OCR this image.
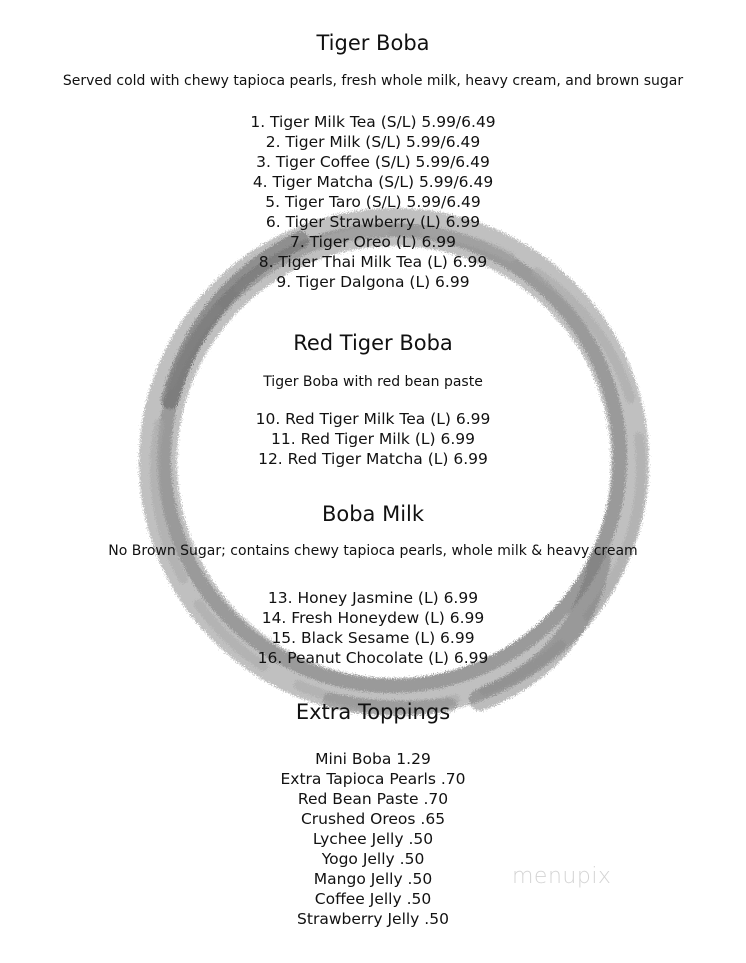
Tiger Boba

Served cold with chewy tapioca pearls, fresh whole milk, heavy cream, and brown sugar

1. Tiger Milk Tea (S/L) 5.99/6.49
2. Tiger Milk (S/L) 5.99/6.49
3. Tiger Coffee (S/L) 5.99/6.49
4. Tiger Matcha (S/L) 5.99/6.49
5. Tiger Taro (S/L) 5.99/6.49
6. Tiger Strawberry (L) 6.99
7. Tiger Oreo (L) 6.99
8. Tiger Thai Milk Tea (L) 6.99
9. Tiger Dalgona (L) 6.99
Red Tiger Boba

Tiger Boba with red bean paste

10. Red Tiger Milk Tea (L) 6.99
11. Red Tiger Milk (L) 6.99
12. Red Tiger Matcha (L) 6.99
Boba Milk

No Brown Sugar; contains chewy tapioca pearls, whole milk & heavy cream

13. Honey Jasmine (L) 6.99
14. Fresh Honeydew (L) 6.99
15. Black Sesame (L) 6.99
16. Peanut Chocolate (L) 6.99
Extra Toppings
Mini Boba 1.29
Extra Tapioca Pearls .70
Red Bean Paste .70
Crushed Oreos .65
Lychee Jelly .50
Yogo Jelly .50
Mango Jelly .50
Coffee Jelly .50
Strawberry Jelly .50
menupix
